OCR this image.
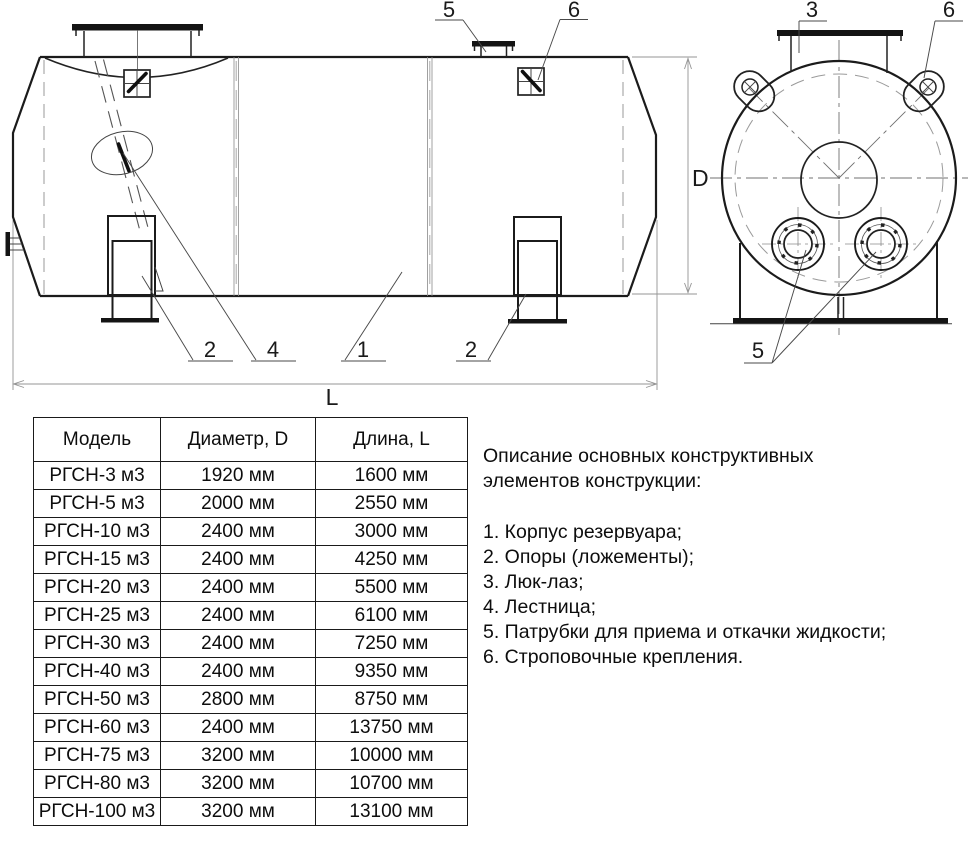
L
D
5	6
2 4	1	2
3	6
5
Модель	Диаметр, D	Длина, L
РГСН-3 м3	1920 мм	1600 мм
РГСН-5 м3	2000 мм	2550 мм
РГСН-10 м3	2400 мм	3000 мм
РГСН-15 м3	2400 мм	4250 мм
РГСН-20 м3	2400 мм	5500 мм
РГСН-25 м3	2400 мм	6100 мм
РГСН-30 м3	2400 мм	7250 мм
РГСН-40 м3	2400 мм	9350 мм
РГСН-50 м3	2800 мм	8750 мм
РГСН-60 м3	2400 мм	13750 мм
РГСН-75 м3	3200 мм	10000 мм
РГСН-80 м3	3200 мм	10700 мм
РГСН-100 м3	3200 мм	13100 мм

Описание основных конструктивных
элементов конструкции:

1. Корпус резервуара;
2. Опоры (ложементы);
3. Люк-лаз;
4. Лестница;
5. Патрубки для приема и откачки жидкости;
6. Строповочные крепления.
